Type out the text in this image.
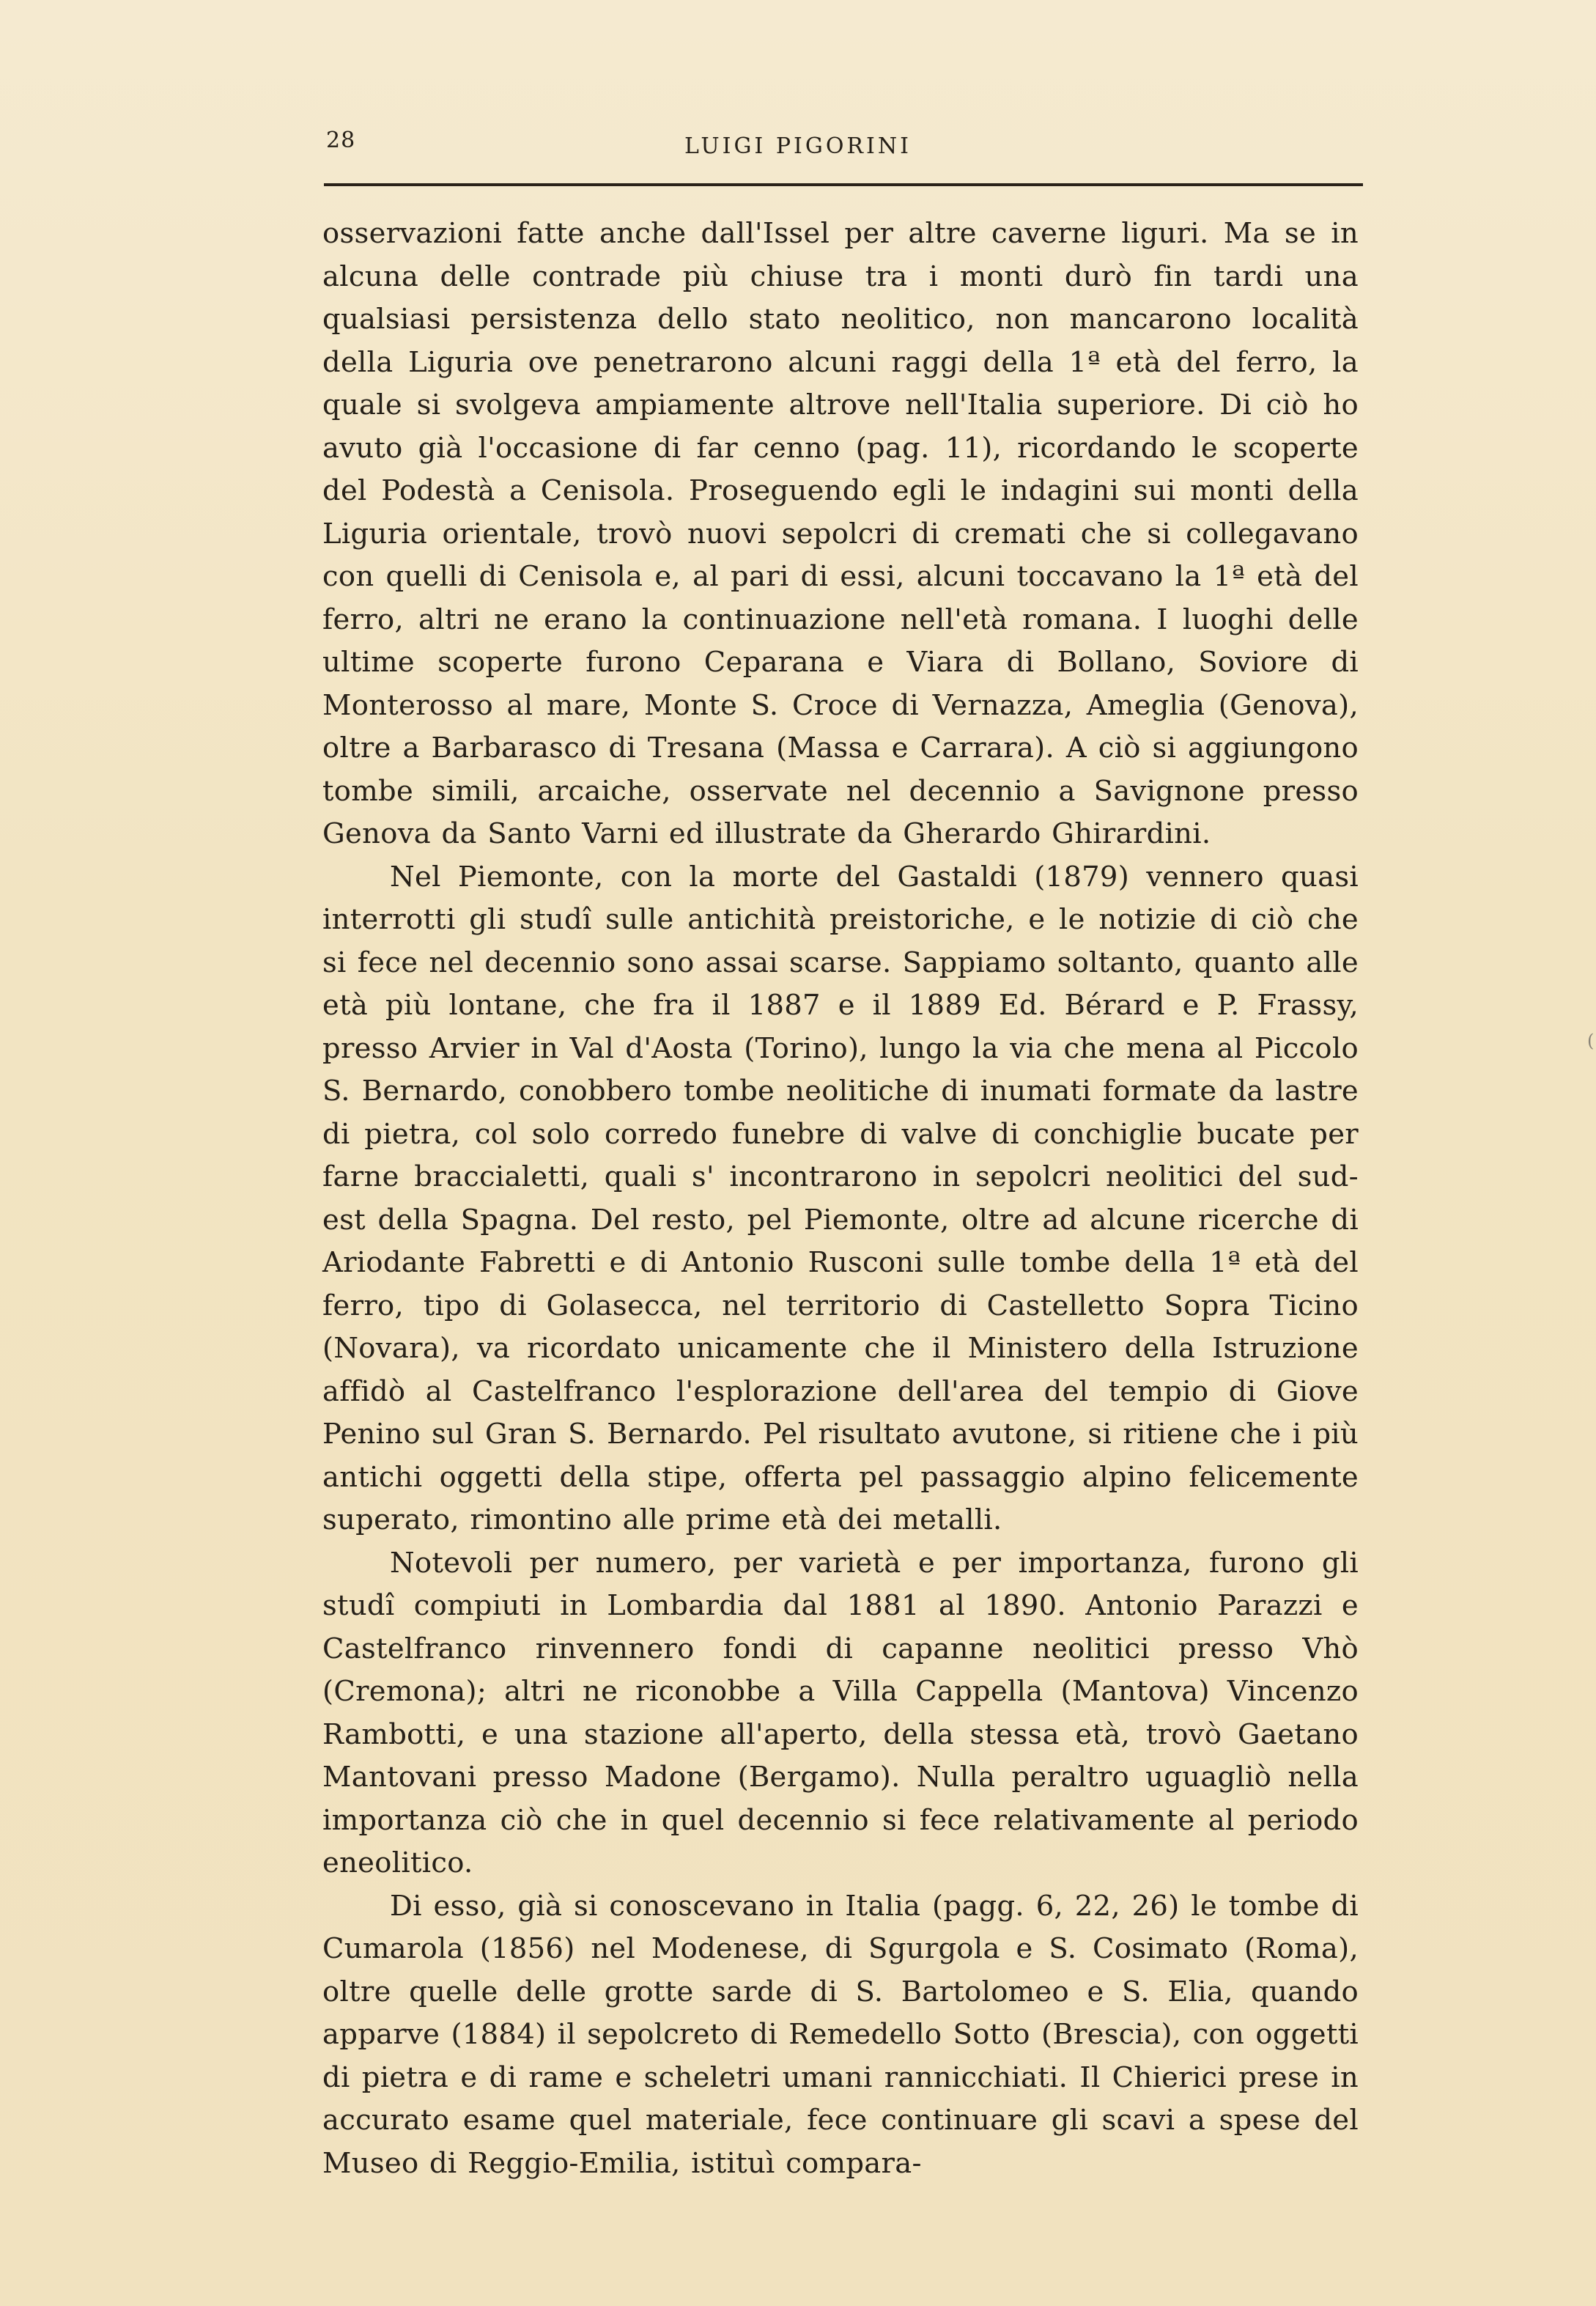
28	LUIGI PIGORINI

osservazioni fatte anche dall'Issel per altre caverne liguri. Ma se in alcuna delle contrade più chiuse tra i monti durò fin tardi una qualsiasi persistenza dello stato neolitico, non mancarono località della Liguria ove penetrarono alcuni raggi della 1ª età del ferro, la quale si svolgeva ampiamente altrove nell'Italia superiore. Di ciò ho avuto già l'occasione di far cenno (pag. 11), ricordando le scoperte del Podestà a Cenisola. Proseguendo egli le indagini sui monti della Liguria orientale, trovò nuovi sepolcri di cremati che si collegavano con quelli di Cenisola e, al pari di essi, alcuni toccavano la 1ª età del ferro, altri ne erano la continuazione nell'età romana. I luoghi delle ultime scoperte furono Ceparana e Viara di Bollano, Soviore di Monterosso al mare, Monte S. Croce di Vernazza, Ameglia (Genova), oltre a Barbarasco di Tresana (Massa e Carrara). A ciò si aggiungono tombe simili, arcaiche, osservate nel decennio a Savignone presso Genova da Santo Varni ed illustrate da Gherardo Ghirardini.

Nel Piemonte, con la morte del Gastaldi (1879) vennero quasi interrotti gli studî sulle antichità preistoriche, e le notizie di ciò che si fece nel decennio sono assai scarse. Sappiamo soltanto, quanto alle età più lontane, che fra il 1887 e il 1889 Ed. Bérard e P. Frassy, presso Arvier in Val d'Aosta (Torino), lungo la via che mena al Piccolo S. Bernardo, conobbero tombe neolitiche di inumati formate da lastre di pietra, col solo corredo funebre di valve di conchiglie bucate per farne braccialetti, quali s' incontrarono in sepolcri neolitici del sud-est della Spagna. Del resto, pel Piemonte, oltre ad alcune ricerche di Ariodante Fabretti e di Antonio Rusconi sulle tombe della 1ª età del ferro, tipo di Golasecca, nel territorio di Castelletto Sopra Ticino (Novara), va ricordato unicamente che il Ministero della Istruzione affidò al Castelfranco l'esplorazione dell'area del tempio di Giove Penino sul Gran S. Bernardo. Pel risultato avutone, si ritiene che i più antichi oggetti della stipe, offerta pel passaggio alpino felicemente superato, rimontino alle prime età dei metalli.

Notevoli per numero, per varietà e per importanza, furono gli studî compiuti in Lombardia dal 1881 al 1890. Antonio Parazzi e Castelfranco rinvennero fondi di capanne neolitici presso Vhò (Cremona); altri ne riconobbe a Villa Cappella (Mantova) Vincenzo Rambotti, e una stazione all'aperto, della stessa età, trovò Gaetano Mantovani presso Madone (Bergamo). Nulla peraltro uguagliò nella importanza ciò che in quel decennio si fece relativamente al periodo eneolitico.

Di esso, già si conoscevano in Italia (pagg. 6, 22, 26) le tombe di Cumarola (1856) nel Modenese, di Sgurgola e S. Cosimato (Roma), oltre quelle delle grotte sarde di S. Bartolomeo e S. Elia, quando apparve (1884) il sepolcreto di Remedello Sotto (Brescia), con oggetti di pietra e di rame e scheletri umani rannicchiati. Il Chierici prese in accurato esame quel materiale, fece continuare gli scavi a spese del Museo di Reggio-Emilia, istituì compara-

(
